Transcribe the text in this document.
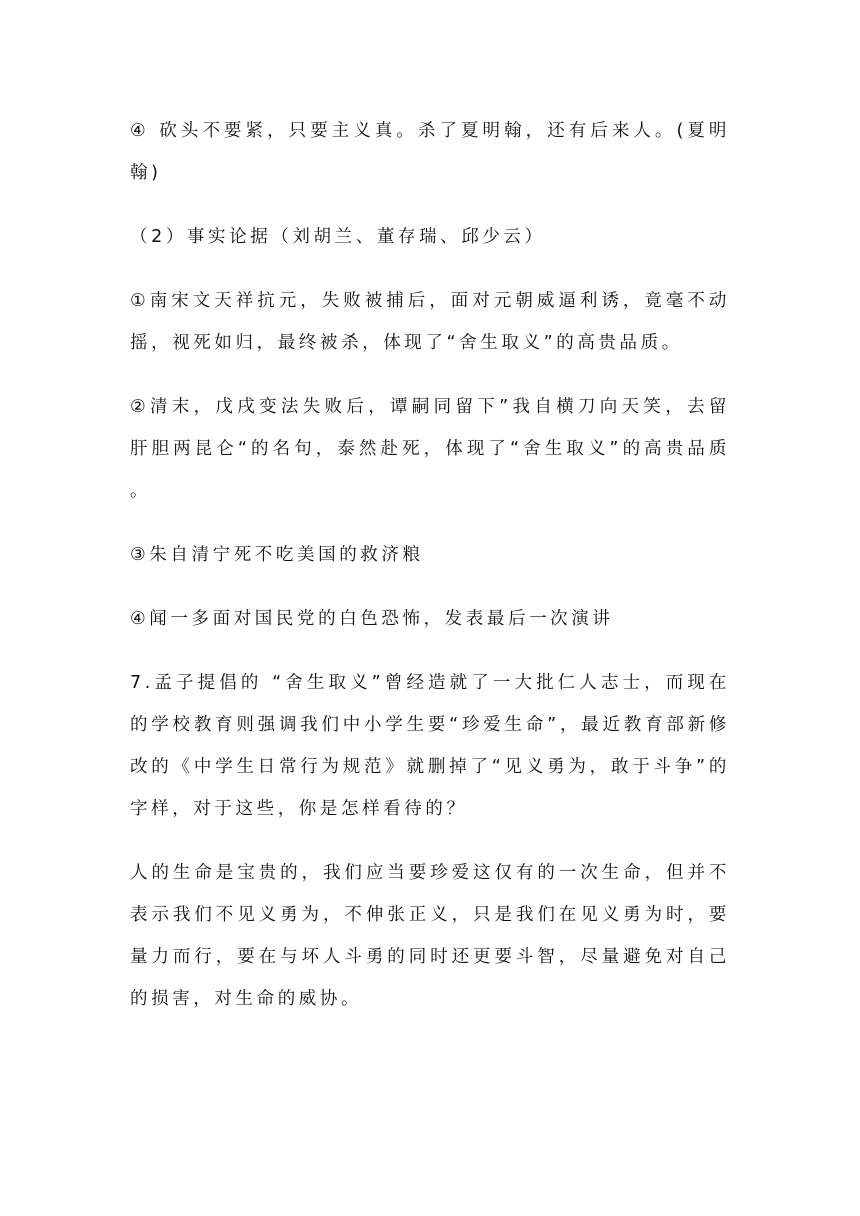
④ 砍头不要紧，只要主义真。杀了夏明翰，还有后来人。(夏明翰)

（2）事实论据（刘胡兰、董存瑞、邱少云）

①南宋文天祥抗元，失败被捕后，面对元朝威逼利诱，竟毫不动摇，视死如归，最终被杀，体现了“舍生取义”的高贵品质。

②清末，戊戌变法失败后，谭嗣同留下”我自横刀向天笑，去留肝胆两昆仑“的名句，泰然赴死，体现了“舍生取义”的高贵品质 。

③朱自清宁死不吃美国的救济粮

④闻一多面对国民党的白色恐怖，发表最后一次演讲

7.孟子提倡的 “舍生取义”曾经造就了一大批仁人志士，而现在的学校教育则强调我们中小学生要“珍爱生命”，最近教育部新修改的《中学生日常行为规范》就删掉了“见义勇为，敢于斗争”的字样，对于这些，你是怎样看待的？

人的生命是宝贵的，我们应当要珍爱这仅有的一次生命，但并不表示我们不见义勇为，不伸张正义，只是我们在见义勇为时，要量力而行，要在与坏人斗勇的同时还更要斗智，尽量避免对自己的损害，对生命的威协。
